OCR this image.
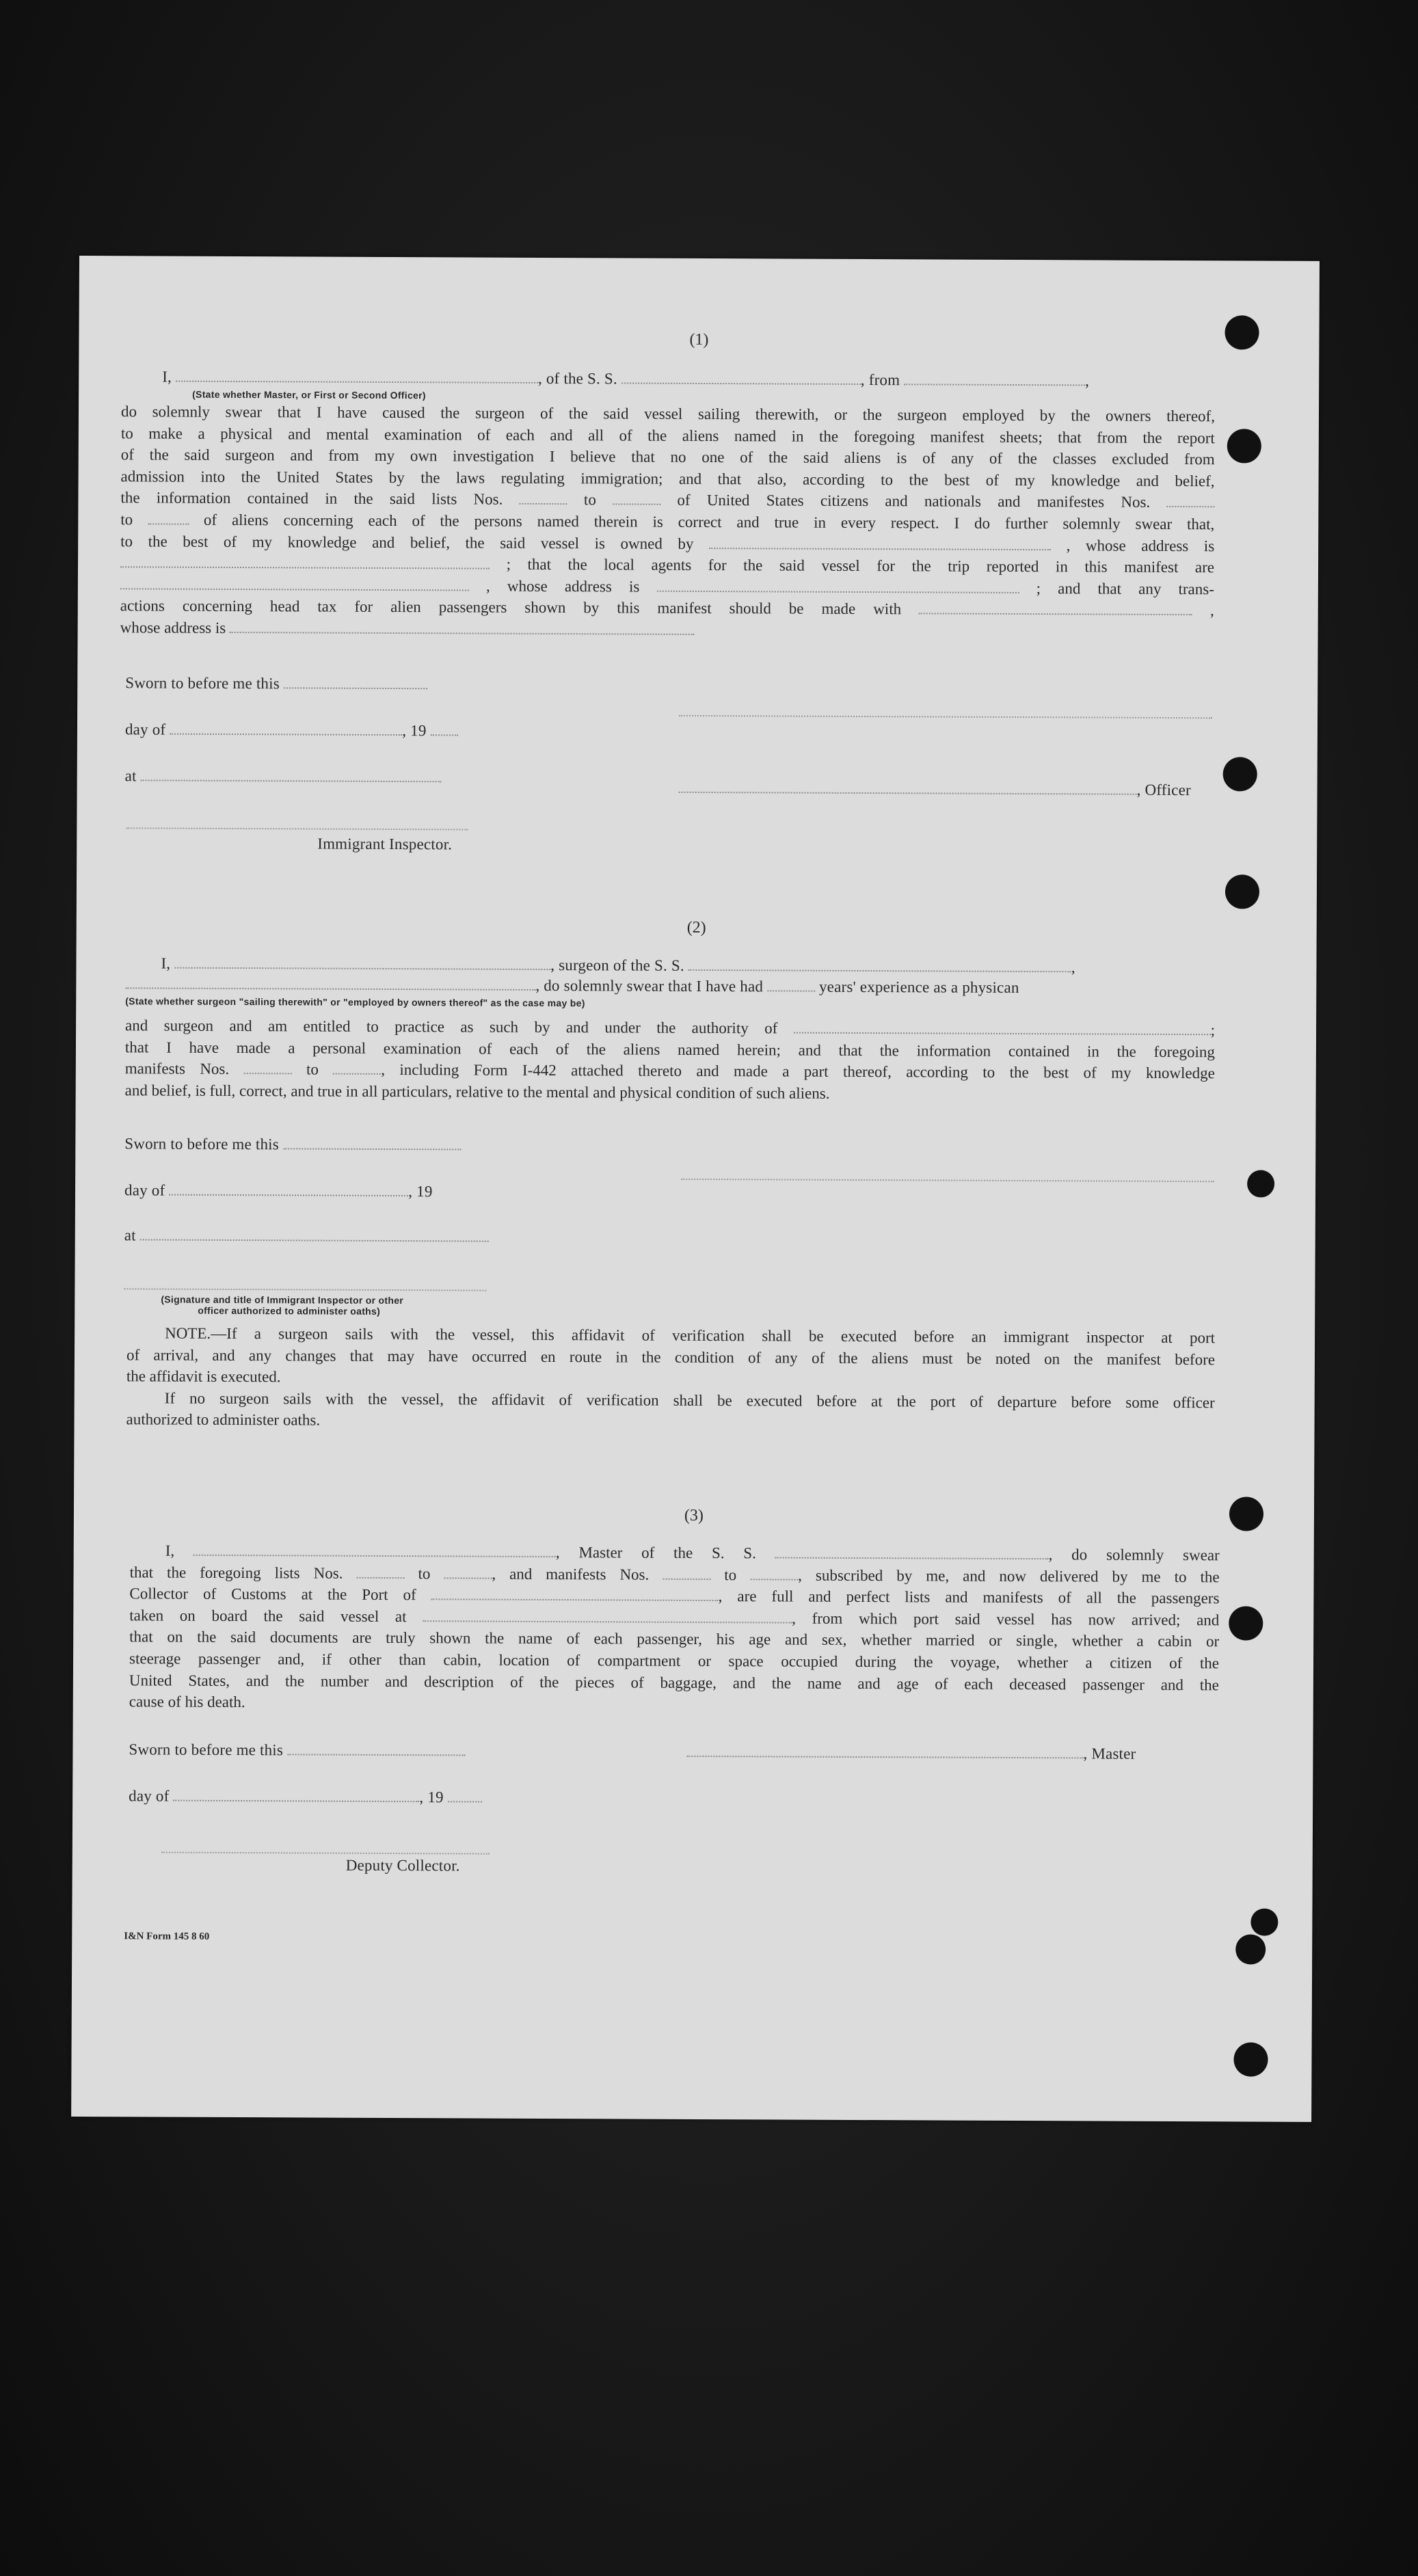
(1)
I,	, of the S. S.	, from	,
(State whether Master, or First or Second Officer)
do solemnly swear that I have caused the surgeon of the said vessel sailing therewith, or the surgeon employed by the owners thereof,
to make a physical and mental examination of each and all of the aliens named in the foregoing manifest sheets; that from the report
of the said surgeon and from my own investigation I believe that no one of the said aliens is of any of the classes excluded from
admission into the United States by the laws regulating immigration; and that also, according to the best of my knowledge and belief,
the information contained in the said lists Nos.	to	of United States citizens and nationals and manifestes Nos.
to	of aliens concerning each of the persons named therein is correct and true in every respect. I do further solemnly swear that,
to the best of my knowledge and belief, the said vessel is owned by	, whose address is
; that the local agents for the said vessel for the trip reported in this manifest are
, whose address is	; and that any trans-
actions concerning head tax for alien passengers shown by this manifest should be made with	,
whose address is
Sworn to before me this
day of	, 19
at
, Officer
Immigrant Inspector.
(2)
I,	, surgeon of the S. S.	,
, do solemnly swear that I have had	years' experience as a physican
(State whether surgeon "sailing therewith" or "employed by owners thereof" as the case may be)
and surgeon and am entitled to practice as such by and under the authority of	;
that I have made a personal examination of each of the aliens named herein; and that the information contained in the foregoing
manifests Nos.	to	, including Form I-442 attached thereto and made a part thereof, according to the best of my knowledge
and belief, is full, correct, and true in all particulars, relative to the mental and physical condition of such aliens.
Sworn to before me this
day of	, 19
at
(Signature and title of Immigrant Inspector or other
officer authorized to administer oaths)
NOTE.—If a surgeon sails with the vessel, this affidavit of verification shall be executed before an immigrant inspector at port
of arrival, and any changes that may have occurred en route in the condition of any of the aliens must be noted on the manifest before
the affidavit is executed.
If no surgeon sails with the vessel, the affidavit of verification shall be executed before at the port of departure before some officer
authorized to administer oaths.
(3)
I,	, Master of the S. S.	, do solemnly swear
that the foregoing lists Nos.	to	, and manifests Nos.	to	, subscribed by me, and now delivered by me to the
Collector of Customs at the Port of	, are full and perfect lists and manifests of all the passengers
taken on board the said vessel at	, from which port said vessel has now arrived; and
that on the said documents are truly shown the name of each passenger, his age and sex, whether married or single, whether a cabin or
steerage passenger and, if other than cabin, location of compartment or space occupied during the voyage, whether a citizen of the
United States, and the number and description of the pieces of baggage, and the name and age of each deceased passenger and the
cause of his death.
Sworn to before me this	, Master
day of	, 19
Deputy Collector.
I&N Form 145 8 60
